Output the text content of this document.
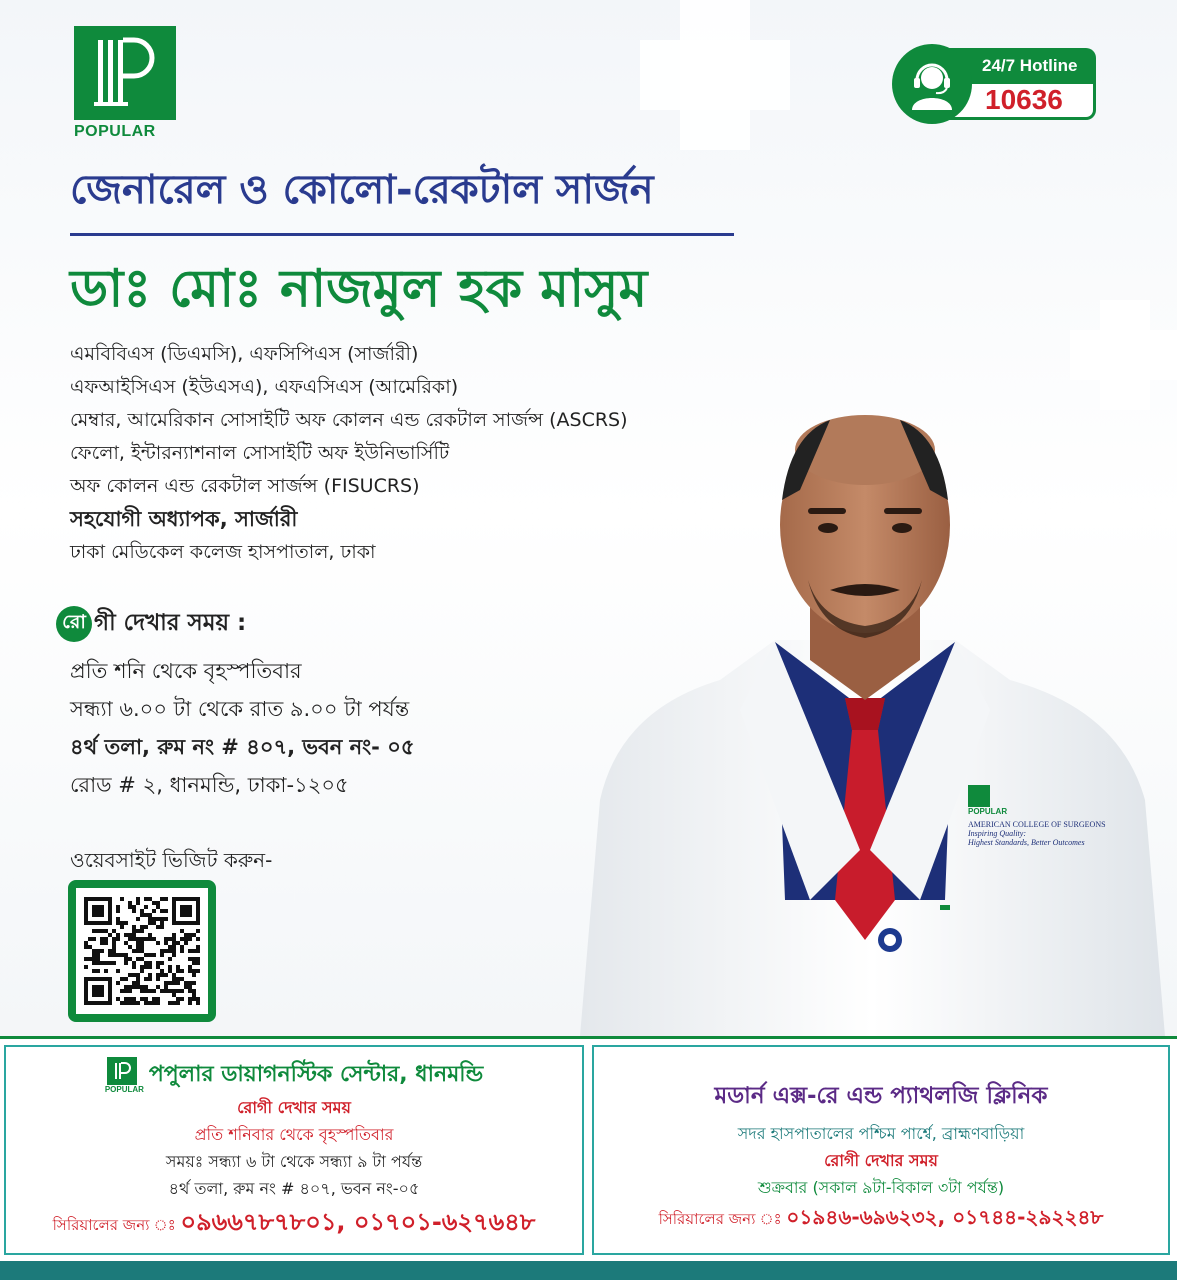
POPULAR
24/7 Hotline
10636
জেনারেল ও কোলো-রেকটাল সার্জন
ডাঃ মোঃ নাজমুল হক মাসুম
এমবিবিএস (ডিএমসি), এফসিপিএস (সার্জারী)
এফআইসিএস (ইউএসএ), এফএসিএস (আমেরিকা)
মেম্বার, আমেরিকান সোসাইটি অফ কোলন এন্ড রেকটাল সার্জন্স (ASCRS)
ফেলো, ইন্টারন্যাশনাল সোসাইটি অফ ইউনিভার্সিটি
অফ কোলন এন্ড রেকটাল সার্জন্স (FISUCRS)
সহযোগী অধ্যাপক, সার্জারী
ঢাকা মেডিকেল কলেজ হাসপাতাল, ঢাকা
রো গী দেখার সময় :
প্রতি শনি থেকে বৃহস্পতিবার
সন্ধ্যা ৬.০০ টা থেকে রাত ৯.০০ টা পর্যন্ত
৪র্থ তলা, রুম নং # ৪০৭, ভবন নং- ০৫
রোড # ২, ধানমন্ডি, ঢাকা-১২০৫
ওয়েবসাইট ভিজিট করুন-
POPULAR
AMERICAN COLLEGE OF SURGEONS
Inspiring Quality:
Highest Standards, Better Outcomes
POPULAR
পপুলার ডায়াগনস্টিক সেন্টার, ধানমন্ডি
রোগী দেখার সময়
প্রতি শনিবার থেকে বৃহস্পতিবার
সময়ঃ সন্ধ্যা ৬ টা থেকে সন্ধ্যা ৯ টা পর্যন্ত
৪র্থ তলা, রুম নং # ৪০৭, ভবন নং-০৫
সিরিয়ালের জন্য ঃ ০৯৬৬৭৮৭৮০১, ০১৭০১-৬২৭৬৪৮
মডার্ন এক্স-রে এন্ড প্যাথলজি ক্লিনিক
সদর হাসপাতালের পশ্চিম পার্শ্বে, ব্রাহ্মণবাড়িয়া
রোগী দেখার সময়
শুক্রবার (সকাল ৯টা-বিকাল ৩টা পর্যন্ত)
সিরিয়ালের জন্য ঃ ০১৯৪৬-৬৯৬২৩২, ০১৭৪৪-২৯২২৪৮
